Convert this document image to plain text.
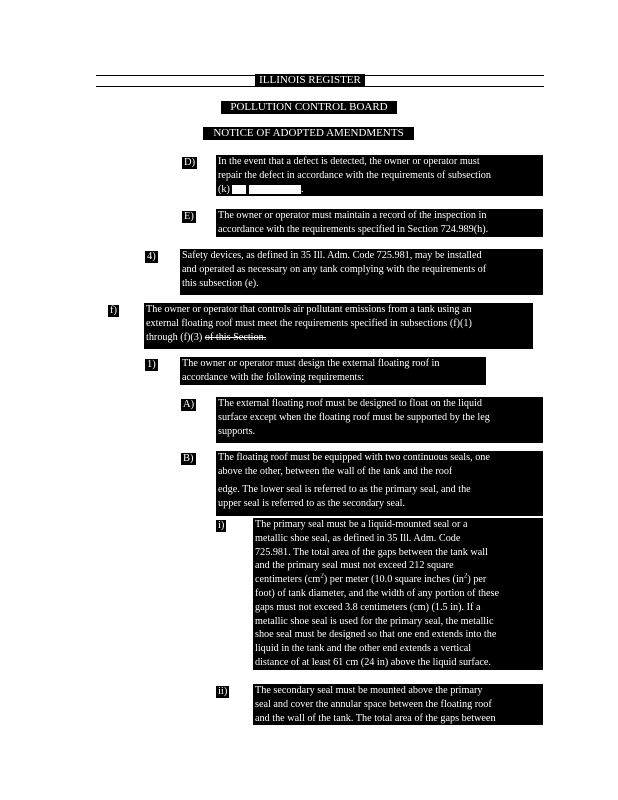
ILLINOIS REGISTER
POLLUTION CONTROL BOARD
NOTICE OF ADOPTED AMENDMENTS
D) In the event that a defect is detected, the owner or operator must
repair the defect in accordance with the requirements of subsection
(k)	.
E) The owner or operator must maintain a record of the inspection in
accordance with the requirements specified in Section 724.989(h).
4)	Safety devices, as defined in 35 Ill. Adm. Code 725.981, may be installed
and operated as necessary on any tank complying with the requirements of
this subsection (e).
f)	The owner or operator that controls air pollutant emissions from a tank using an
external floating roof must meet the requirements specified in subsections (f)(1)
through (f)(3) of this Section.
1)	The owner or operator must design the external floating roof in
accordance with the following requirements:
A) The external floating roof must be designed to float on the liquid
surface except when the floating roof must be supported by the leg
supports.
B) The floating roof must be equipped with two continuous seals, one
above the other, between the wall of the tank and the roof
edge. The lower seal is referred to as the primary seal, and the
upper seal is referred to as the secondary seal.
i)	The primary seal must be a liquid-mounted seal or a
metallic shoe seal, as defined in 35 Ill. Adm. Code
725.981. The total area of the gaps between the tank wall
and the primary seal must not exceed 212 square
centimeters $(cm^2)$ per meter (10.0 square inches $(in^2)$ per
foot) of tank diameter, and the width of any portion of these
gaps must not exceed 3.8 centimeters (cm) (1.5 in). If a
metallic shoe seal is used for the primary seal, the metallic
shoe seal must be designed so that one end extends into the
liquid in the tank and the other end extends a vertical
distance of at least 61 cm (24 in) above the liquid surface.
ii)	The secondary seal must be mounted above the primary
seal and cover the annular space between the floating roof
and the wall of the tank. The total area of the gaps between
